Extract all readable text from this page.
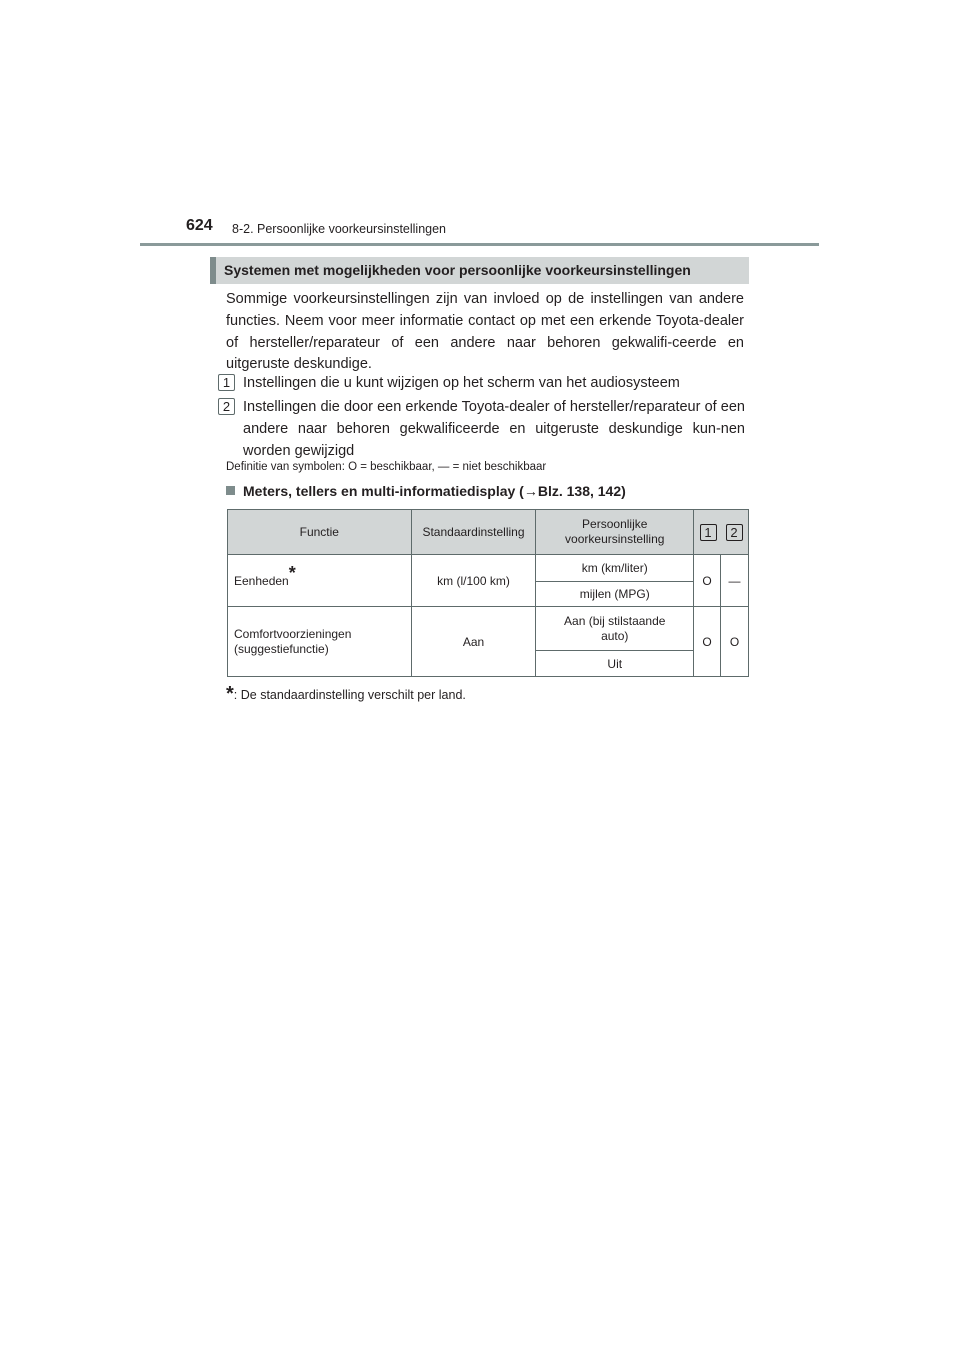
624 8-2. Persoonlijke voorkeursinstellingen
Systemen met mogelijkheden voor persoonlijke voorkeursinstellingen
Sommige voorkeursinstellingen zijn van invloed op de instellingen van andere functies. Neem voor meer informatie contact op met een erkende Toyota-dealer of hersteller/reparateur of een andere naar behoren gekwalifi-ceerde en uitgeruste deskundige.
1 Instellingen die u kunt wijzigen op het scherm van het audiosysteem
2 Instellingen die door een erkende Toyota-dealer of hersteller/reparateur of een andere naar behoren gekwalificeerde en uitgeruste deskundige kun-nen worden gewijzigd
Definitie van symbolen: O = beschikbaar, — = niet beschikbaar
Meters, tellers en multi-informatiedisplay (→Blz. 138, 142)
Functie	Standaardinstelling	Persoonlijke voorkeursinstelling	1 2	

Eenheden*	km (l/100 km)	km (km/liter)	O	—
		mijlen (MPG)		
Comfortvoorzieningen (suggestiefunctie)	Aan	Aan (bij stilstaande auto)	O	O
		Uit		
*: De standaardinstelling verschilt per land.
